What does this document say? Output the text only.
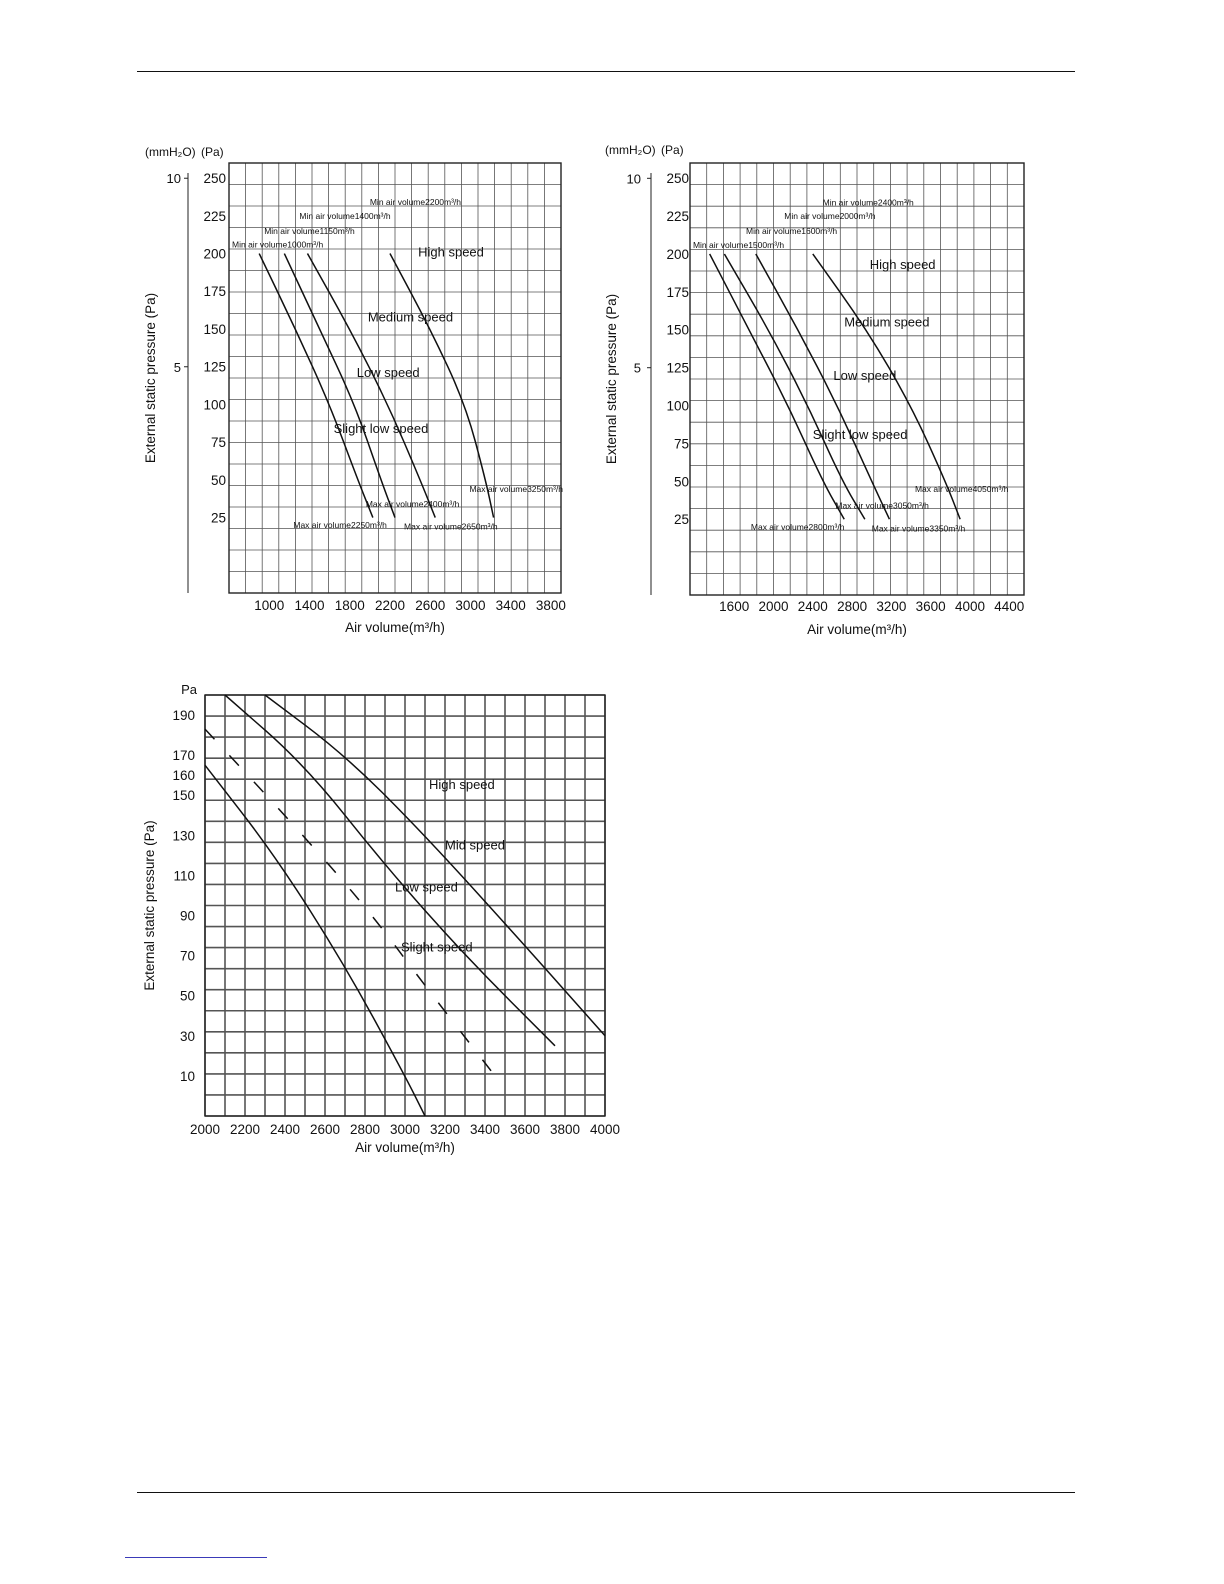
10
5
(mmH₂O) (Pa)
25
50
75
100
125
150
175
200
225
250
1000 1400 1800 2200 2600 3000 3400 3800
External static pressure (Pa)
Air volume(m³/h)
Min air volume2200m³/h
Min air volume1400m³/h
Min air volume1150m³/h
Min air volume1000m³/h
High speed
Medium speed
Low speed
Slight low speed
Max air volume3250m³/h
Max air volume2400m³/h
Max air volume2250m³/h Max air volume2650m³/h
10
5
(mmH₂O) (Pa)
25
50
75
100
125
150
175
200
225
250
1600 2000 2400 2800 3200 3600 4000 4400
External static pressure (Pa)
Air volume(m³/h)
Min air volume2400m³/h
Min air volume2000m³/h
Min air volume1600m³/h
Min air volume1500m³/h
High speed
Medium speed
Low speed
Slight low speed
Max air volume4050m³/h
Max air volume3050m³/h
Max air volume2800m³/h	Max air volume3350m³/h
Pa
10
30
50
70
90
110
130
150
160
170
190
2000 2200 2400 2600 2800 3000 3200 3400 3600 3800 4000
External static pressure (Pa)
Air volume(m³/h)
High speed
Mid speed
Low speed
Slight speed
